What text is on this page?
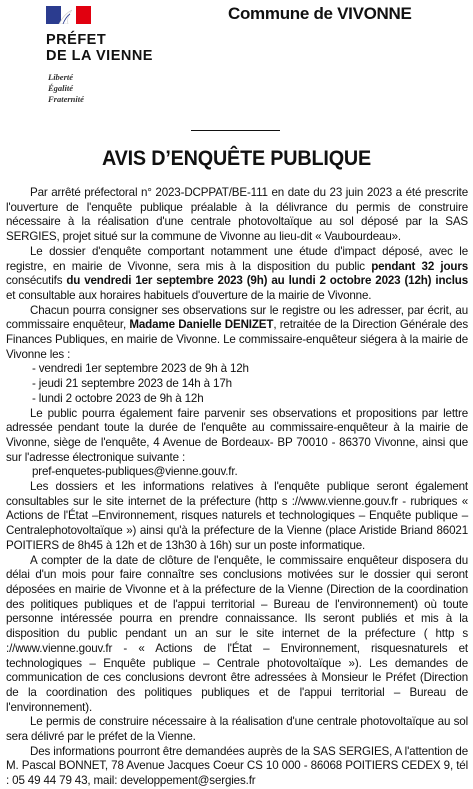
PRÉFET
DE LA VIENNE
Liberté
Égalité
Fraternité
Commune de VIVONNE
AVIS D’ENQUÊTE PUBLIQUE

Par arrêté préfectoral n° 2023-DCPPAT/BE-111 en date du 23 juin 2023 a été prescrite l'ouverture de l'enquête publique préalable à la délivrance du permis de construire nécessaire à la réalisation d'une centrale photovoltaïque au sol déposé par la SAS SERGIES, projet situé sur la commune de Vivonne au lieu-dit « Vaubourdeau».

Le dossier d'enquête comportant notamment une étude d'impact déposé, avec le registre, en mairie de Vivonne, sera mis à la disposition du public pendant 32 jours consécutifs du vendredi 1er septembre 2023 (9h) au lundi 2 octobre 2023 (12h) inclus et consultable aux horaires habituels d'ouverture de la mairie de Vivonne.

Chacun pourra consigner ses observations sur le registre ou les adresser, par écrit, au commissaire enquêteur, Madame Danielle DENIZET, retraitée de la Direction Générale des Finances Publiques, en mairie de Vivonne. Le commissaire-enquêteur siégera à la mairie de Vivonne les :

- vendredi 1er septembre 2023 de 9h à 12h
- jeudi 21 septembre 2023 de 14h à 17h
- lundi 2 octobre 2023 de 9h à 12h

Le public pourra également faire parvenir ses observations et propositions par lettre adressée pendant toute la durée de l'enquête au commissaire-enquêteur à la mairie de Vivonne, siège de l'enquête, 4 Avenue de Bordeaux- BP 70010 - 86370 Vivonne, ainsi que sur l'adresse électronique suivante :

pref-enquetes-publiques@vienne.gouv.fr.

Les dossiers et les informations relatives à l'enquête publique seront également consultables sur le site internet de la préfecture (http s ://www.vienne.gouv.fr - rubriques « Actions de l'État –Environnement, risques naturels et technologiques – Enquête publique – Centralephotovoltaïque ») ainsi qu'à la préfecture de la Vienne (place Aristide Briand 86021 POITIERS de 8h45 à 12h et de 13h30 à 16h) sur un poste informatique.

A compter de la date de clôture de l'enquête, le commissaire enquêteur disposera du délai d'un mois pour faire connaître ses conclusions motivées sur le dossier qui seront déposées en mairie de Vivonne et à la préfecture de la Vienne (Direction de la coordination des politiques publiques et de l'appui territorial – Bureau de l'environnement) où toute personne intéressée pourra en prendre connaissance. Ils seront publiés et mis à la disposition du public pendant un an sur le site internet de la préfecture ( http s ://www.vienne.gouv.fr - « Actions de l'État – Environnement, risquesnaturels et technologiques – Enquête publique – Centrale photovoltaïque »). Les demandes de communication de ces conclusions devront être adressées à Monsieur le Préfet (Direction de la coordination des politiques publiques et de l'appui territorial – Bureau de l'environnement).

Le permis de construire nécessaire à la réalisation d'une centrale photovoltaïque au sol sera délivré par le préfet de la Vienne.

Des informations pourront être demandées auprès de la SAS SERGIES, A l'attention de M. Pascal BONNET, 78 Avenue Jacques Coeur CS 10 000 - 86068 POITIERS CEDEX 9, tél : 05 49 44 79 43, mail: developpement@sergies.fr
